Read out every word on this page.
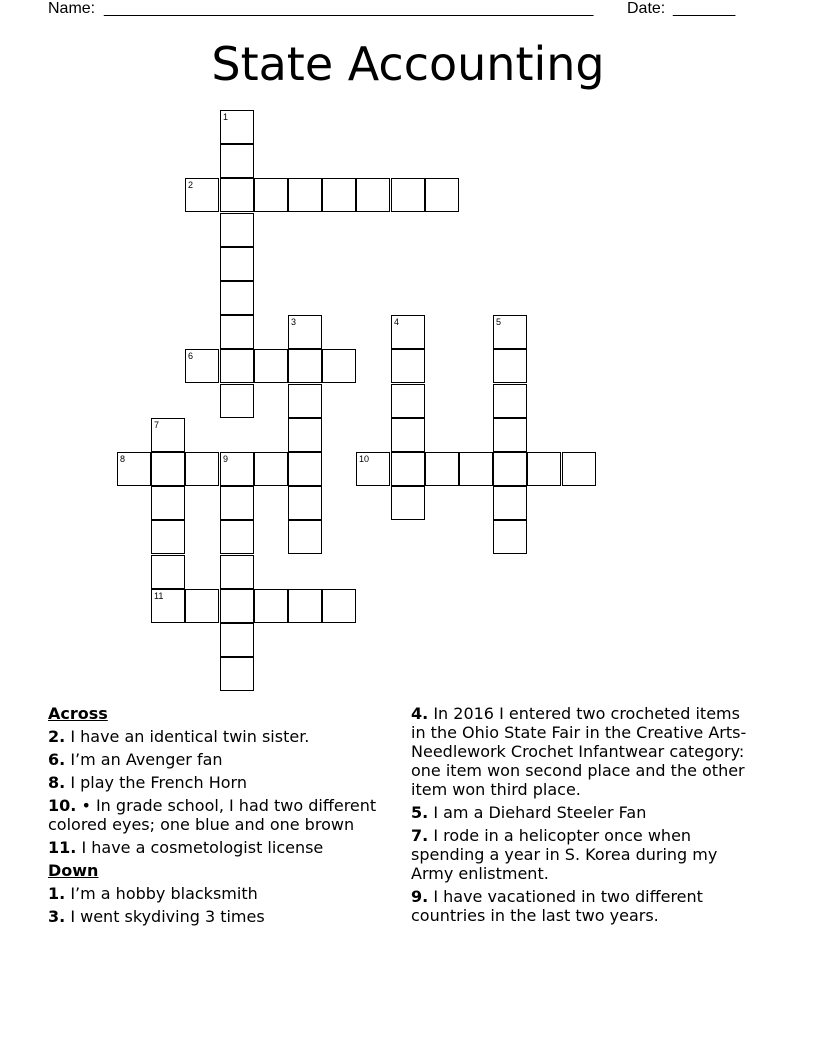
Name: _______________________________________________________ Date: _______
State Accounting
1
2
3	4	5
6
7
11
8	9	10
Across
2. I have an identical twin sister.
6. I’m an Avenger fan
8. I play the French Horn
10. • In grade school, I had two different colored eyes; one blue and one brown
11. I have a cosmetologist license
Down
1. I’m a hobby blacksmith
3. I went skydiving 3 times
4. In 2016 I entered two crocheted items in the Ohio State Fair in the Creative Arts-Needlework Crochet Infantwear category: one item won second place and the other item won third place.
5. I am a Diehard Steeler Fan
7. I rode in a helicopter once when spending a year in S. Korea during my Army enlistment.
9. I have vacationed in two different countries in the last two years.
